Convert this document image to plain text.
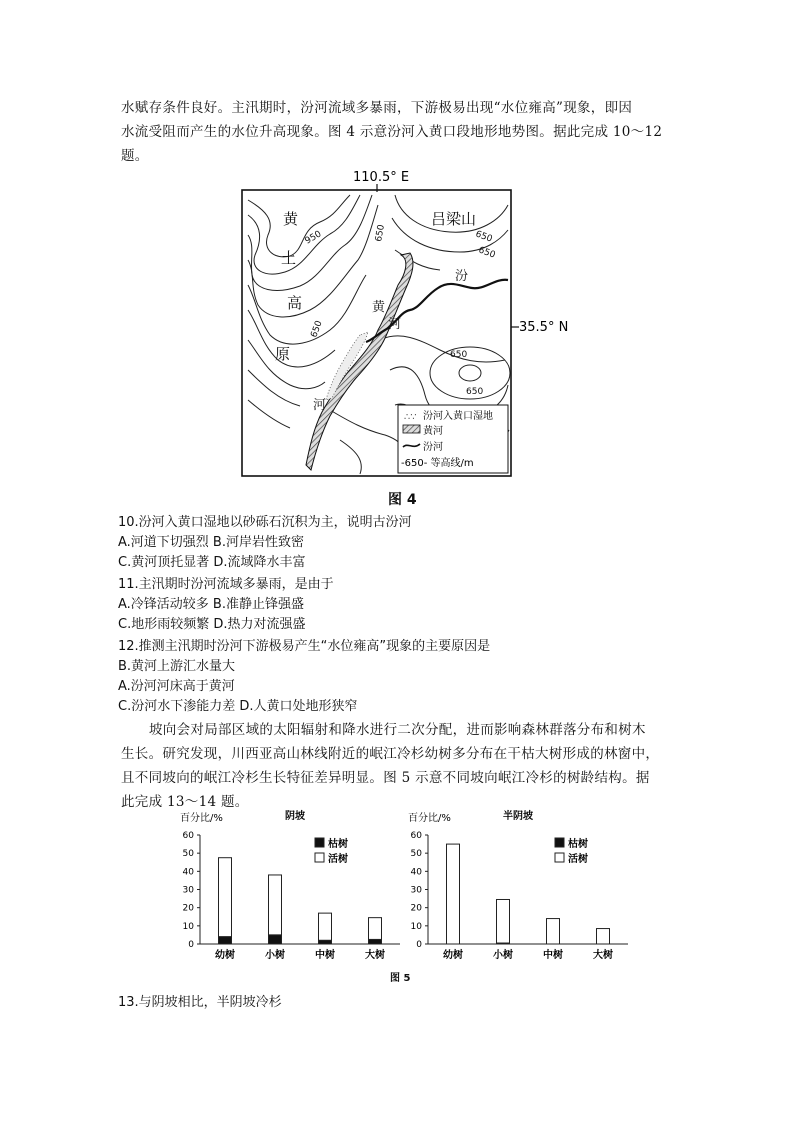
水赋存条件良好。主汛期时，汾河流域多暴雨，下游极易出现“水位雍高”现象，即因
水流受阻而产生的水位升高现象。图 4 示意汾河入黄口段地形地势图。据此完成 10～12
题。
110.5° E
35.5° N
黄
土
高
原
吕梁山
黄
河
河
汾
950	650	650
650
650
650
650
∴∵ 汾河入黄口湿地
黄河
汾河
-650- 等高线/m
图 4
10.汾河入黄口湿地以砂砾石沉积为主，说明古汾河
A.河道下切强烈 B.河岸岩性致密
C.黄河顶托显著 D.流域降水丰富
11.主汛期时汾河流域多暴雨，是由于
A.冷锋活动较多 B.准静止锋强盛
C.地形雨较频繁 D.热力对流强盛
12.推测主汛期时汾河下游极易产生“水位雍高”现象的主要原因是
B.黄河上游汇水量大
A.汾河河床高于黄河
C.汾河水下渗能力差 D.人黄口处地形狭窄
坡向会对局部区域的太阳辐射和降水进行二次分配，进而影响森林群落分布和树木
生长。研究发现，川西亚高山林线附近的岷江冷杉幼树多分布在干枯大树形成的林窗中，
且不同坡向的岷江冷杉生长特征差异明显。图 5 示意不同坡向岷江冷杉的树龄结构。据
此完成 13～14 题。
百分比/%	阴坡
0
10
20
30
40
50
60
幼树	小树	中树	大树
枯树
活树
百分比/%	半阴坡
0
10
20
30
40
50
60
幼树	小树	中树	大树
枯树
活树
图 5
13.与阴坡相比，半阴坡冷杉
